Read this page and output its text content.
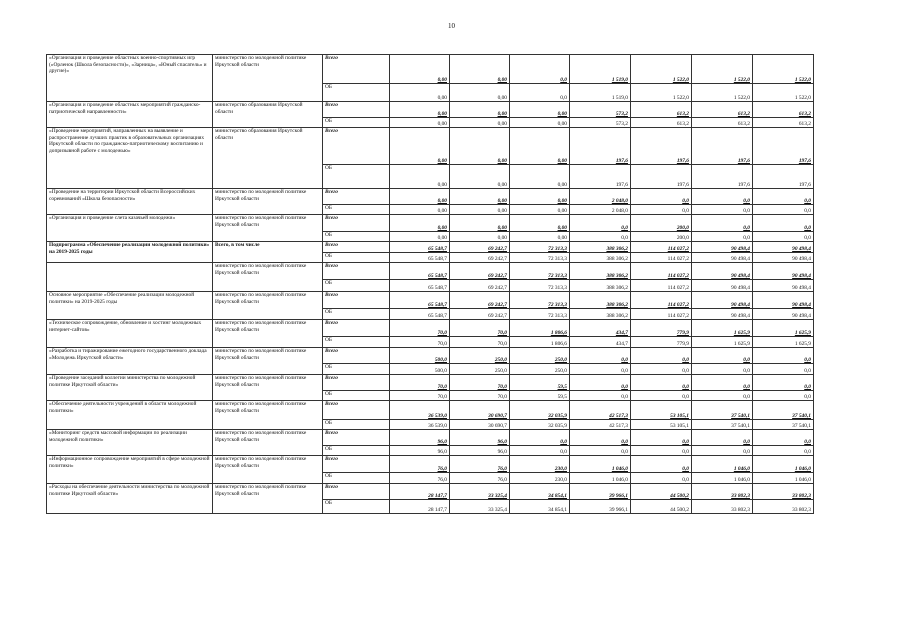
10
«Организация и проведение областных военно-спортивных игр («Орленок (Школа безопасности)», «Зарница», «Юный спасатель» и другие)»	министерство по молодежной политике Иркутской области	Всего	0,00	0,00	0,0	1 519,0	1 522,0	1 522,0	1 522,0
		ОБ	0,00	0,00	0,0	1 519,0	1 522,0	1 522,0	1 522,0
«Организация и проведение областных мероприятий гражданско-патриотической направленности»	министерство образования Иркутской области	Всего	0,00	0,00	0,00	573,2	613,2	613,2	613,2
		ОБ	0,00	0,00	0,00	573,2	613,2	613,2	613,2
«Проведение мероприятий, направленных на выявление и распространение лучших практик в образовательных организациях Иркутской области по гражданско-патриотическому воспитанию и допризывной работе с молодежью»	министерство образования Иркутской области	Всего	0,00	0,00	0,00	197,6	197,6	197,6	197,6
		ОБ	0,00	0,00	0,00	197,6	197,6	197,6	197,6
«Проведение на территории Иркутской области Всероссийских соревнований «Школа безопасности»	министерство по молодежной политике Иркутской области	Всего	0,00	0,00	0,00	2 048,0	0,0	0,0	0,0
		ОБ	0,00	0,00	0,00	2 048,0	0,0	0,0	0,0
«Организация и проведение слета казачьей молодежи»	министерство по молодежной политике Иркутской области	Всего	0,00	0,00	0,00	0,0	200,0	0,0	0,0
		ОБ	0,00	0,00	0,00	0,0	200,0	0,0	0,0
Подпрограмма «Обеспечение реализации молодежной политики» на 2019-2025 годы	Всего, в том числе	Всего	65 548,7	69 242,7	72 313,3	388 306,2	114 027,2	90 498,4	90 498,4
		ОБ	65 548,7	69 242,7	72 313,3	388 306,2	114 027,2	90 498,4	90 498,4
	министерство по молодежной политике Иркутской области	Всего	65 548,7	69 242,7	72 313,3	388 306,2	114 027,2	90 498,4	90 498,4
		ОБ	65 548,7	69 242,7	72 313,3	388 306,2	114 027,2	90 498,4	90 498,4
Основное мероприятие «Обеспечение реализации молодежной политики» на 2019-2025 годы	министерство по молодежной политике Иркутской области	Всего	65 548,7	69 242,7	72 313,3	388 306,2	114 027,2	90 498,4	90 498,4
		ОБ	65 548,7	69 242,7	72 313,3	388 306,2	114 027,2	90 498,4	90 498,4
«Техническое сопровождение, обновление и хостинг молодежных интернет-сайтов»	министерство по молодежной политике Иркутской области	Всего	70,0	70,0	1 806,6	434,7	779,9	1 625,9	1 625,9
		ОБ	70,0	70,0	1 806,6	434,7	779,9	1 625,9	1 625,9
«Разработка и тиражирование ежегодного государственного доклада «Молодежь Иркутской области»	министерство по молодежной политике Иркутской области	Всего	500,0	250,0	250,0	0,0	0,0	0,0	0,0
		ОБ	500,0	250,0	250,0	0,0	0,0	0,0	0,0
«Проведение заседаний коллегии министерства по молодежной политике Иркутской области»	министерство по молодежной политике Иркутской области	Всего	70,0	70,0	59,5	0,0	0,0	0,0	0,0
		ОБ	70,0	70,0	59,5	0,0	0,0	0,0	0,0
«Обеспечение деятельности учреждений в области молодежной политики»	министерство по молодежной политике Иркутской области	Всего	36 539,0	30 690,7	32 035,9	42 517,3	53 105,1	37 540,1	37 540,1
		ОБ	36 539,0	30 690,7	32 035,9	42 517,3	53 105,1	37 540,1	37 540,1
«Мониторинг средств массовой информации по реализации молодежной политики»	министерство по молодежной политике Иркутской области	Всего	96,0	96,0	0,0	0,0	0,0	0,0	0,0
		ОБ	96,0	96,0	0,0	0,0	0,0	0,0	0,0
«Информационное сопровождение мероприятий в сфере молодежной политики»	министерство по молодежной политике Иркутской области	Всего	76,0	76,0	230,0	1 046,0	0,0	1 046,0	1 046,0
		ОБ	76,0	76,0	230,0	1 046,0	0,0	1 046,0	1 046,0
«Расходы на обеспечение деятельности министерства по молодежной политике Иркутской области»	министерство по молодежной политике Иркутской области	Всего	28 147,7	33 325,4	34 854,1	39 966,1	44 500,2	33 802,3	33 802,3
		ОБ	28 147,7	33 325,4	34 854,1	39 966,1	44 500,2	33 802,3	33 802,3
